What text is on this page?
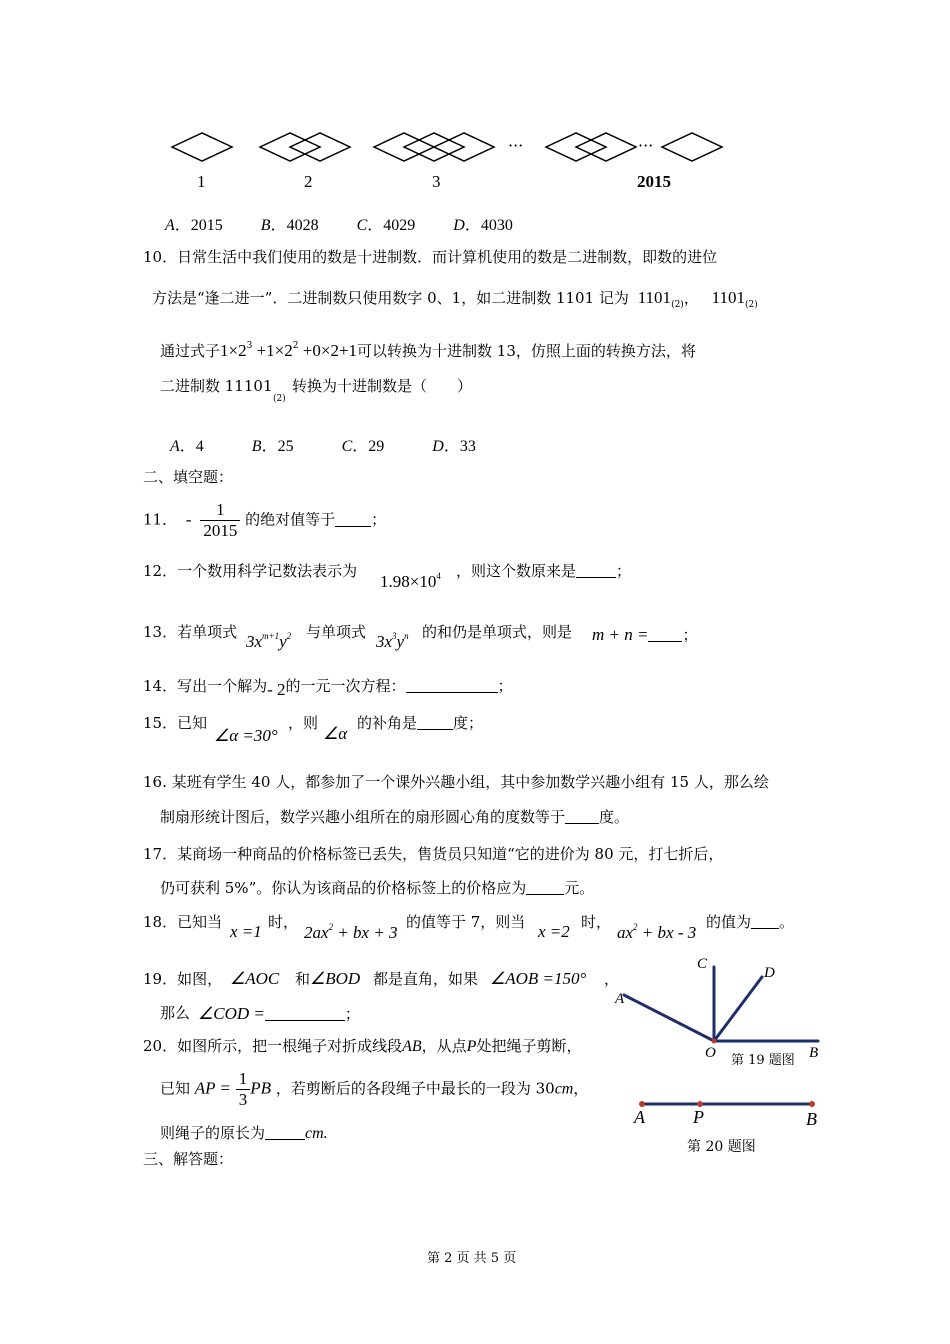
···	···
1	2	3	2015
A．2015 B．4028 C．4029 D．4030
10．日常生活中我们使用的数是十进制数．而计算机使用的数是二进制数，即数的进位
方法是“逢二进一”．二进制数只使用数字 0、1，如二进制数 1101 记为 $1101_{(2)}$， $1101_{(2)}$
通过式子$1\times 2^3 +1\times 2^2 +0\times 2+1$可以转换为十进制数 13，仿照上面的转换方法，将
二进制数 11101
(2)
转换为十进制数是（　　）
A．4	B．25	C．29	D．33
二、填空题：
11． - $\frac{1}{2015}$ 的绝对值等于 ；
12．一个数用科学记数法表示为
$1.98\times 10^4$ ，则这个数原来是	；
13．若单项式 $3x^{m+1}y^2$ 与单项式 $3x^3y^n$ 的和仍是单项式，则是 m + n = ；
14．写出一个解为- 2的一元一次方程：	；
15．已知
∠α =30°
，则
∠α
的补角是 度；
16. 某班有学生 40 人，都参加了一个课外兴趣小组，其中参加数学兴趣小组有 15 人，那么绘
制扇形统计图后，数学兴趣小组所在的扇形圆心角的度数等于 度。
17．某商场一种商品的价格标签已丢失，售货员只知道“它的进价为 80 元，打七折后，
仍可获利 5%”。你认为该商品的价格标签上的价格应为	元。
18．已知当 x =1 时，
$2ax^2$ + bx + 3
的值等于 7，则当 x =2 时，
$ax^2$ + bx - 3
的值为 。
19．如图， ∠AOC 和 ∠BOD 都是直角，如果 ∠AOB =150° ，
那么 ∠COD =	；
C
D
A
O	B
第 19 题图
20．如图所示，把一根绳子对折成线段AB，从点P处把绳子剪断，
已知 AP = $\frac{1}{3}$ PB ，若剪断后的各段绳子中最长的一段为 30cm，
则绳子的原长为	cm.
A	P	B
第 20 题图
三、解答题：
第 2 页 共 5 页
